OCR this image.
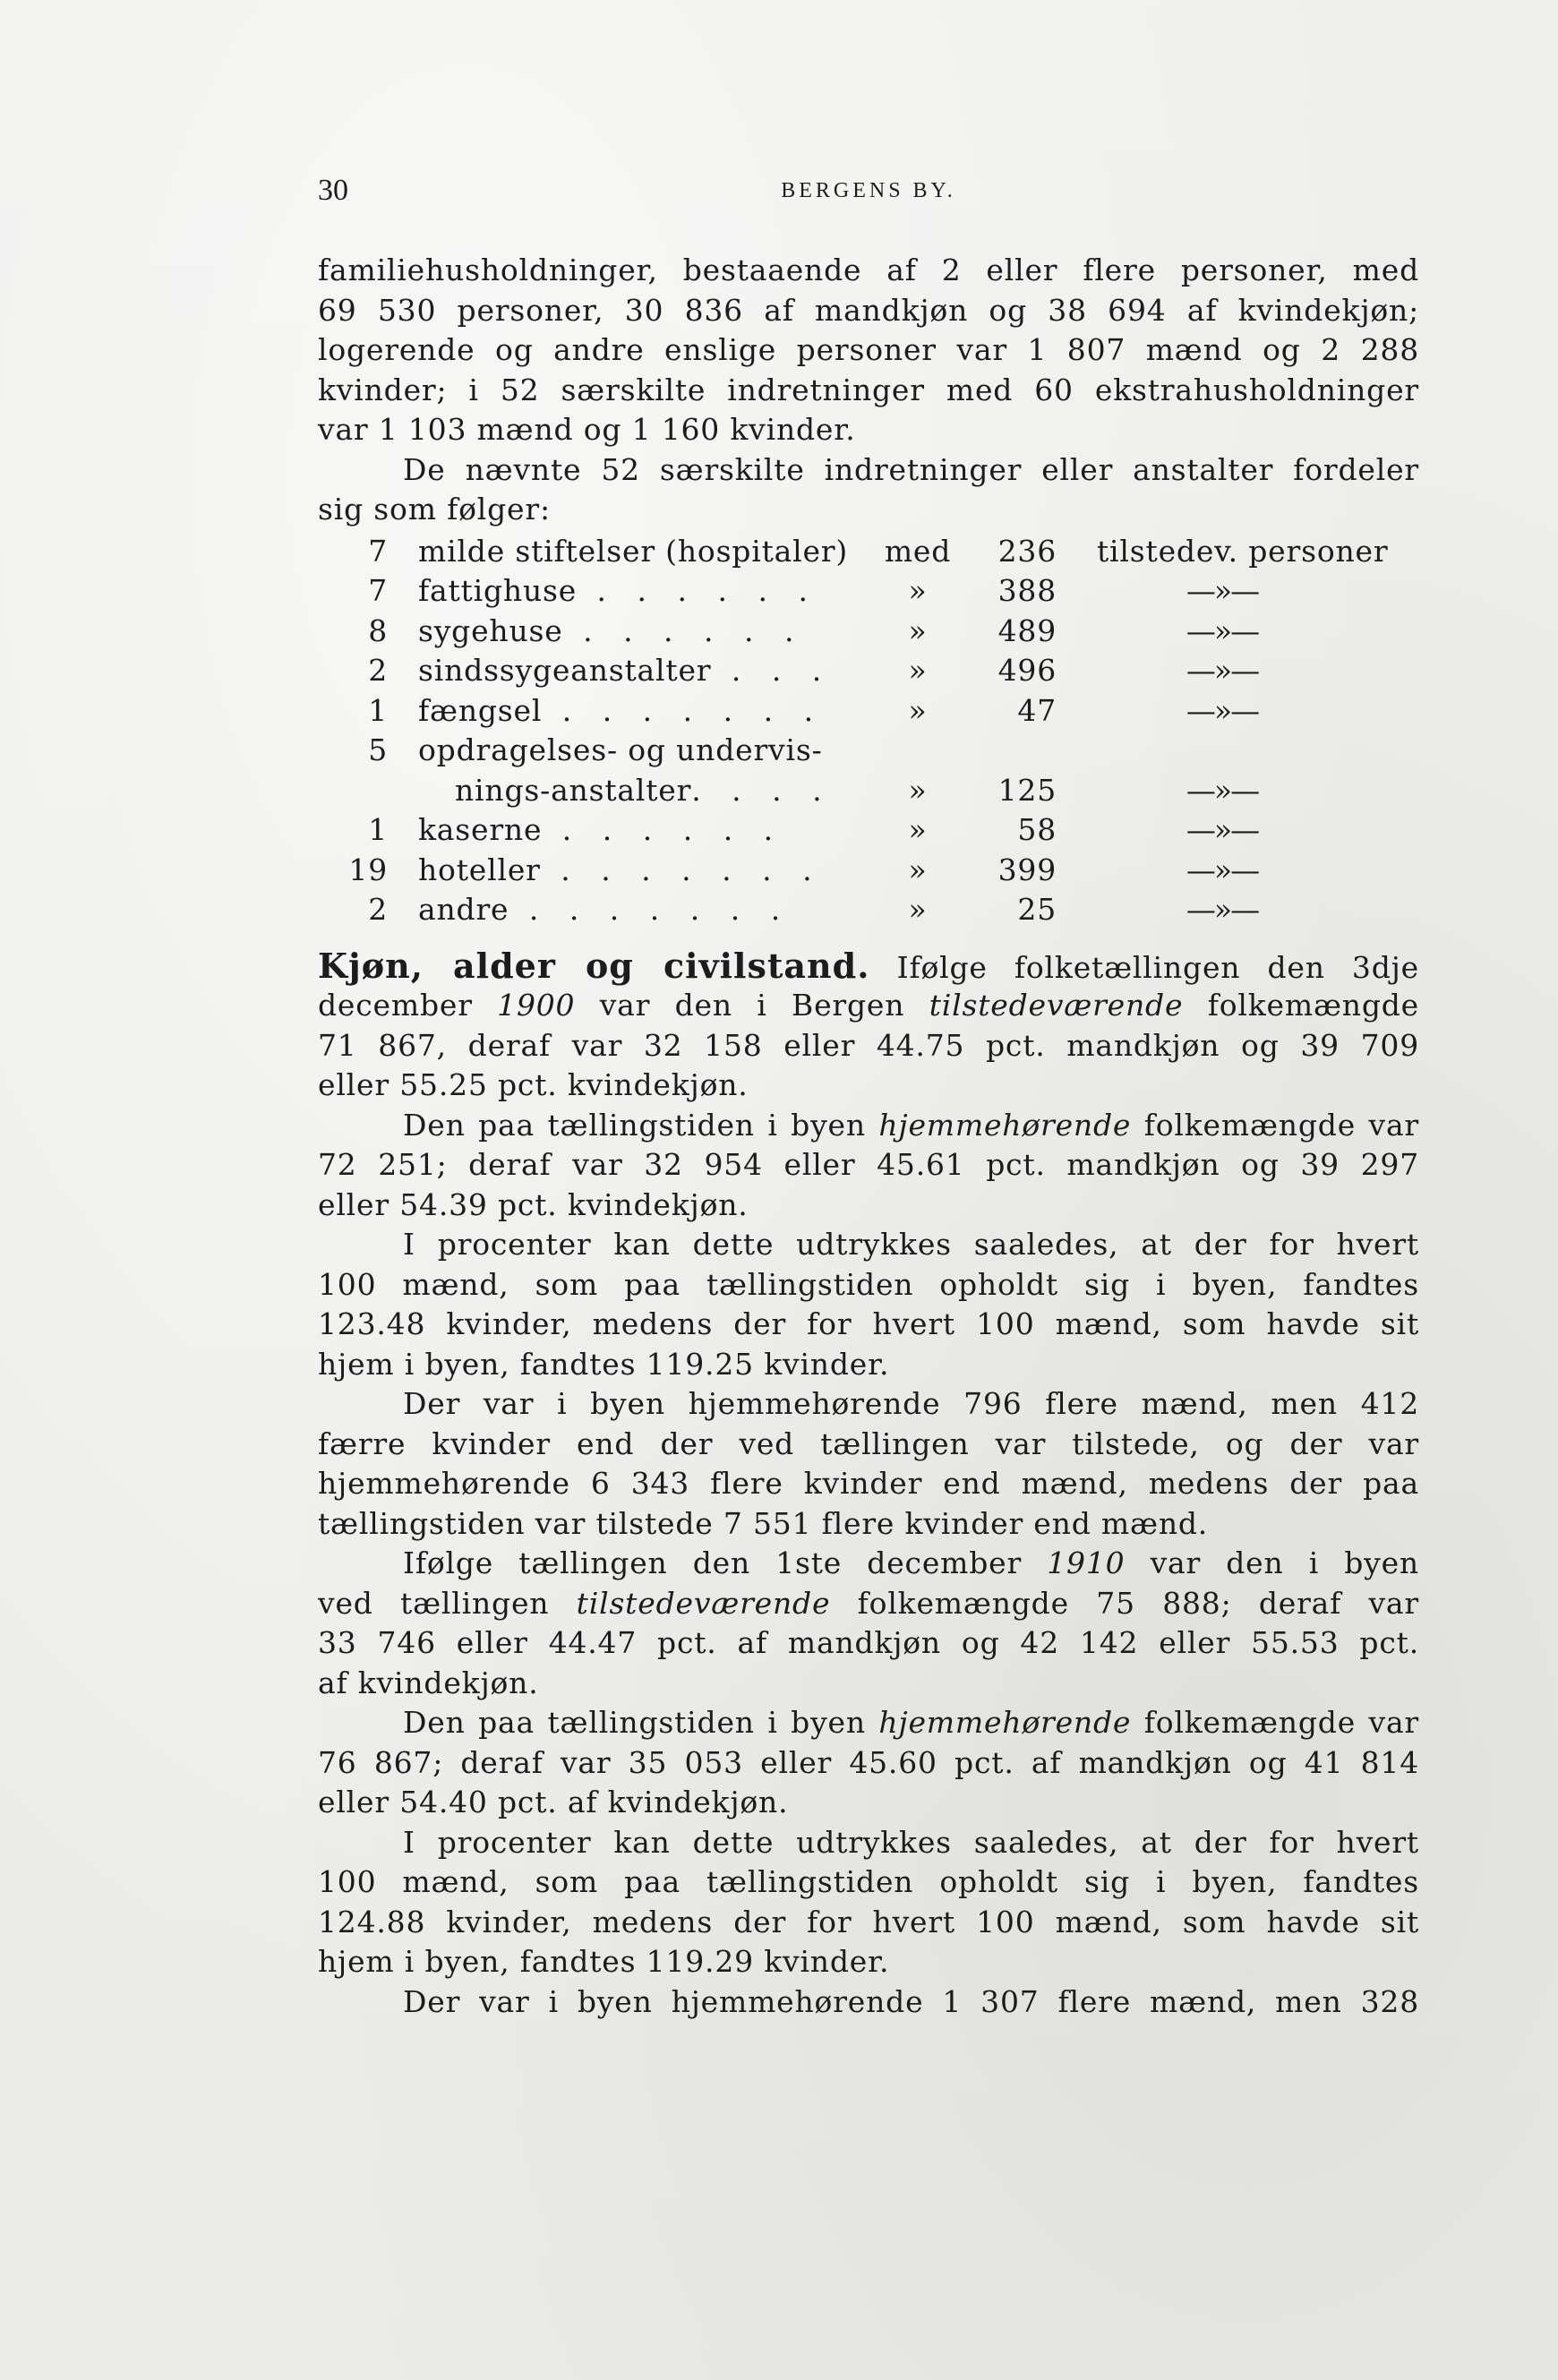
30	BERGENS BY.
familiehusholdninger, bestaaende af 2 eller flere personer, med
69 530 personer, 30 836 af mandkjøn og 38 694 af kvindekjøn;
logerende og andre enslige personer var 1 807 mænd og 2 288
kvinder; i 52 særskilte indretninger med 60 ekstrahusholdninger
var 1 103 mænd og 1 160 kvinder.
De nævnte 52 særskilte indretninger eller anstalter fordeler
sig som følger:
7 milde stiftelser (hospitaler) med	236 tilstedev. personer
7 fattighuse . . . . . .	»	388	—»—
8 sygehuse . . . . . .	»	489	—»—
2 sindssygeanstalter . . .	»	496	—»—
1 fængsel . . . . . . .	»	47	—»—
5 opdragelses- og undervis-
nings-anstalter. . . .	»	125	—»—
1 kaserne . . . . . .	»	58	—»—
19 hoteller . . . . . . .	»	399	—»—
2 andre . . . . . . .	»	25	—»—
Kjøn, alder og civilstand. Ifølge folketællingen den 3dje
december 1900 var den i Bergen tilstedeværende folkemængde
71 867, deraf var 32 158 eller 44.75 pct. mandkjøn og 39 709
eller 55.25 pct. kvindekjøn.
Den paa tællingstiden i byen hjemmehørende folkemængde var
72 251; deraf var 32 954 eller 45.61 pct. mandkjøn og 39 297
eller 54.39 pct. kvindekjøn.
I procenter kan dette udtrykkes saaledes, at der for hvert
100 mænd, som paa tællingstiden opholdt sig i byen, fandtes
123.48 kvinder, medens der for hvert 100 mænd, som havde sit
hjem i byen, fandtes 119.25 kvinder.
Der var i byen hjemmehørende 796 flere mænd, men 412
færre kvinder end der ved tællingen var tilstede, og der var
hjemmehørende 6 343 flere kvinder end mænd, medens der paa
tællingstiden var tilstede 7 551 flere kvinder end mænd.
Ifølge tællingen den 1ste december 1910 var den i byen
ved tællingen tilstedeværende folkemængde 75 888; deraf var
33 746 eller 44.47 pct. af mandkjøn og 42 142 eller 55.53 pct.
af kvindekjøn.
Den paa tællingstiden i byen hjemmehørende folkemængde var
76 867; deraf var 35 053 eller 45.60 pct. af mandkjøn og 41 814
eller 54.40 pct. af kvindekjøn.
I procenter kan dette udtrykkes saaledes, at der for hvert
100 mænd, som paa tællingstiden opholdt sig i byen, fandtes
124.88 kvinder, medens der for hvert 100 mænd, som havde sit
hjem i byen, fandtes 119.29 kvinder.
Der var i byen hjemmehørende 1 307 flere mænd, men 328
